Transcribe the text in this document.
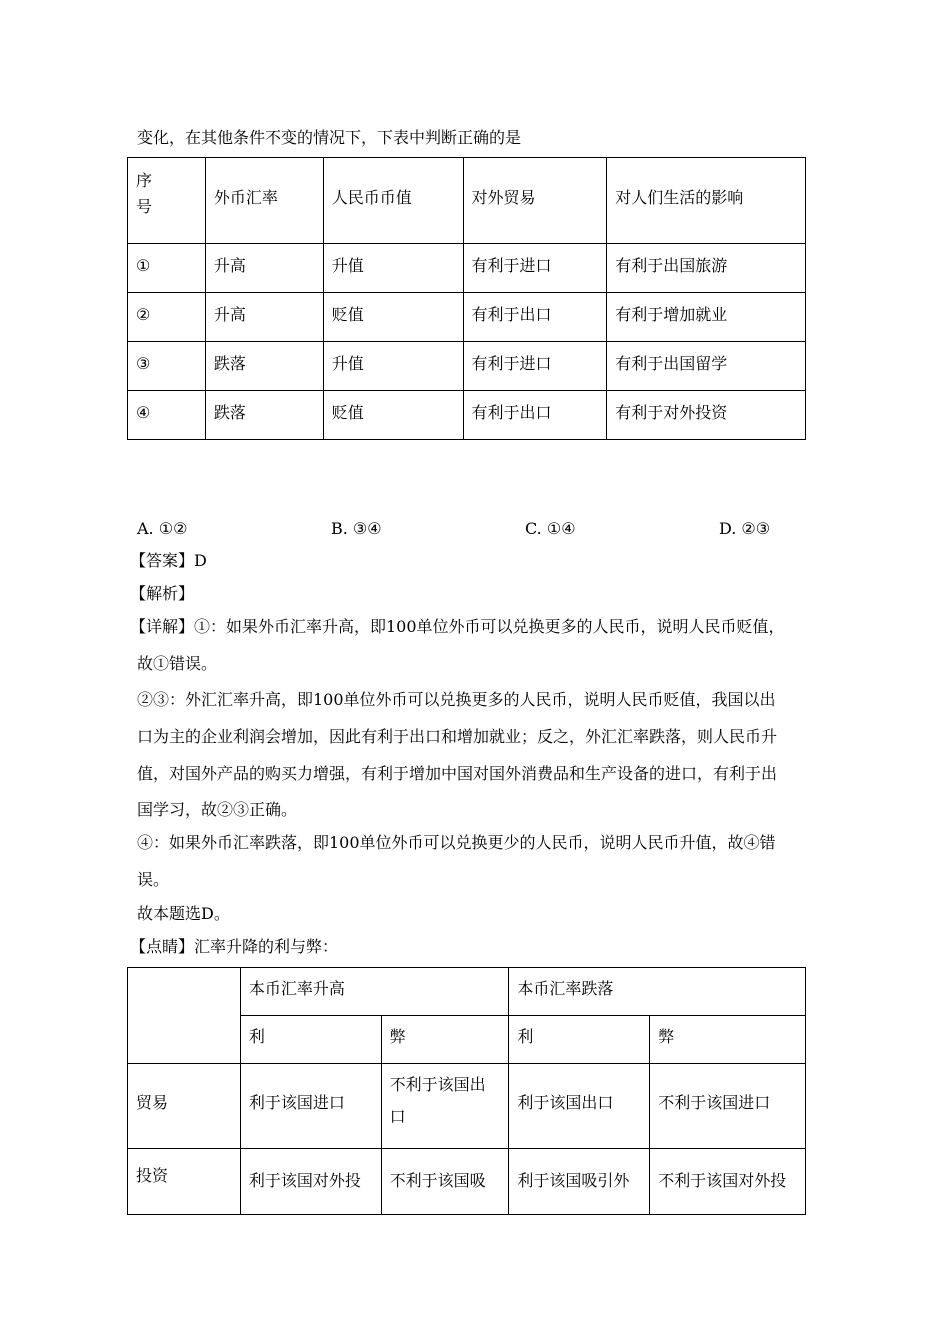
变化，在其他条件不变的情况下，下表中判断正确的是
序
号	外币汇率	人民币币值	对外贸易	对人们生活的影响

①	升高	升值	有利于进口	有利于出国旅游

②	升高	贬值	有利于出口	有利于增加就业

③	跌落	升值	有利于进口	有利于出国留学

④	跌落	贬值	有利于出口	有利于对外投资
A. ①②	B. ③④	C. ①④	D. ②③
【答案】D
【解析】
【详解】①：如果外币汇率升高，即100单位外币可以兑换更多的人民币，说明人民币贬值，
故①错误。
②③：外汇汇率升高，即100单位外币可以兑换更多的人民币，说明人民币贬值，我国以出
口为主的企业利润会增加，因此有利于出口和增加就业；反之，外汇汇率跌落，则人民币升
值，对国外产品的购买力增强，有利于增加中国对国外消费品和生产设备的进口，有利于出
国学习，故②③正确。
④：如果外币汇率跌落，即100单位外币可以兑换更少的人民币，说明人民币升值，故④错
误。
故本题选D。
【点睛】汇率升降的利与弊：

	本币汇率升高		本币汇率跌落	

	利	弊	利	弊

贸易	利于该国进口	不利于该国出
口	利于该国出口	不利于该国进口

投资	利于该国对外投	不利于该国吸	利于该国吸引外	不利于该国对外投
